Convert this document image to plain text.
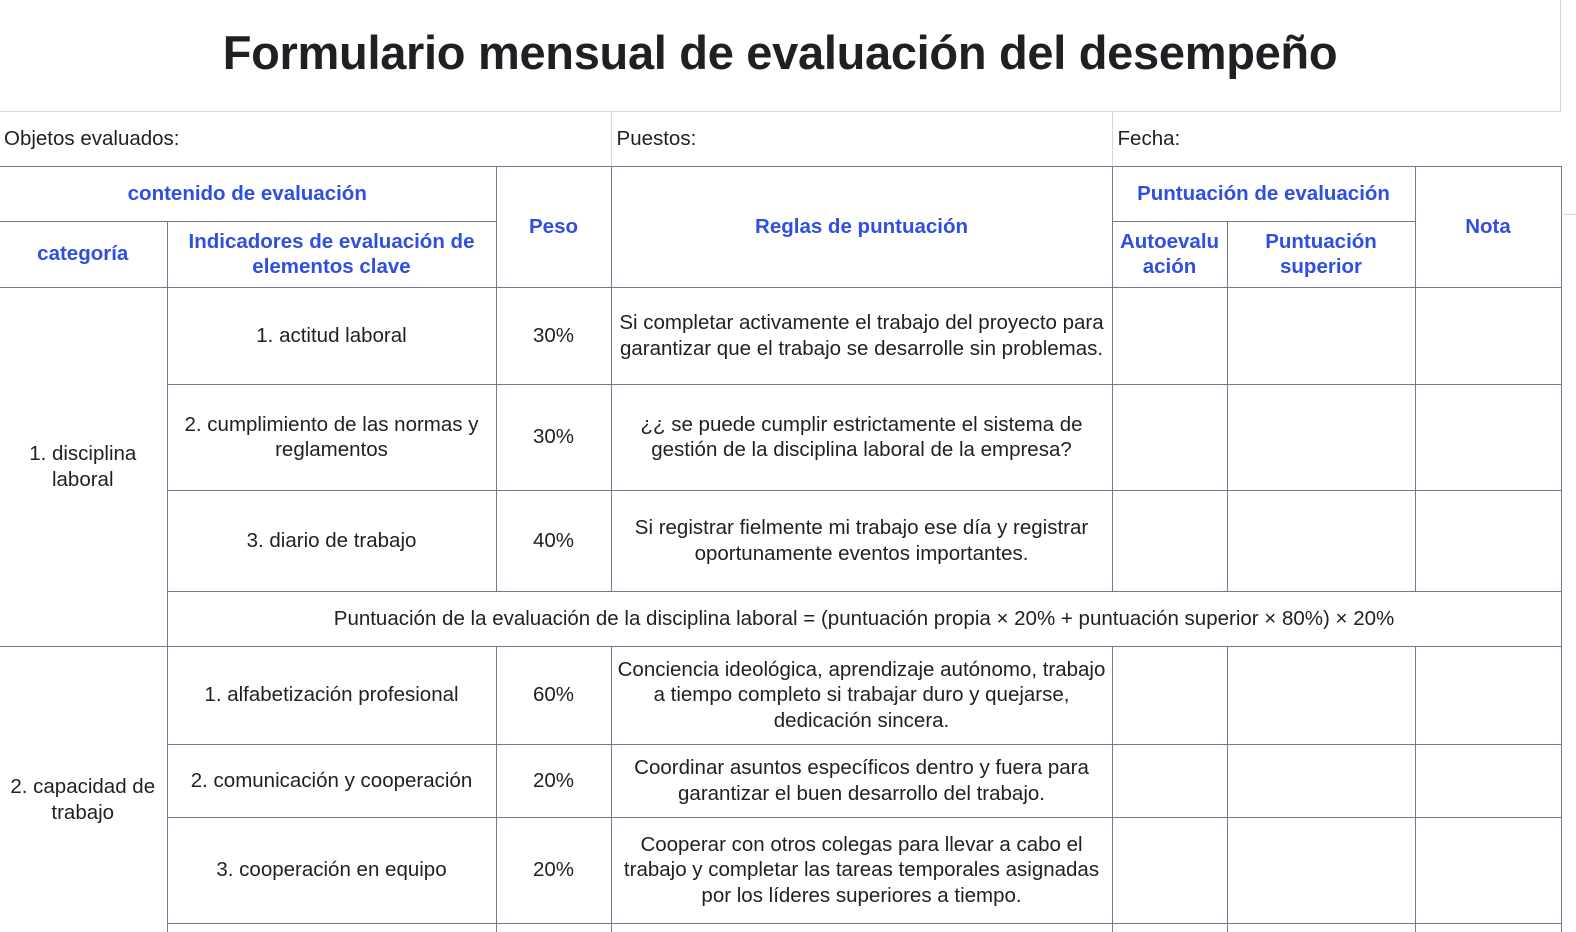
Formulario mensual de evaluación del desempeño
Objetos evaluados:			Puestos:	Fecha:		
contenido de evaluación		Peso	Reglas de puntuación	Puntuación de evaluación		Nota
categoría	Indicadores de evaluación de elementos clave			Autoevalu ación	Puntuación superior	
1. disciplina laboral	1. actitud laboral	30%	Si completar activamente el trabajo del proyecto para garantizar que el trabajo se desarrolle sin problemas.			
	2. cumplimiento de las normas y reglamentos	30%	¿¿ se puede cumplir estrictamente el sistema de gestión de la disciplina laboral de la empresa?			
	3. diario de trabajo	40%	Si registrar fielmente mi trabajo ese día y registrar oportunamente eventos importantes.			
	Puntuación de la evaluación de la disciplina laboral = (puntuación propia × 20% + puntuación superior × 80%) × 20%					
2. capacidad de trabajo	1. alfabetización profesional	60%	Conciencia ideológica, aprendizaje autónomo, trabajo a tiempo completo si trabajar duro y quejarse, dedicación sincera.			
	2. comunicación y cooperación	20%	Coordinar asuntos específicos dentro y fuera para garantizar el buen desarrollo del trabajo.			
	3. cooperación en equipo	20%	Cooperar con otros colegas para llevar a cabo el trabajo y completar las tareas temporales asignadas por los líderes superiores a tiempo.			
